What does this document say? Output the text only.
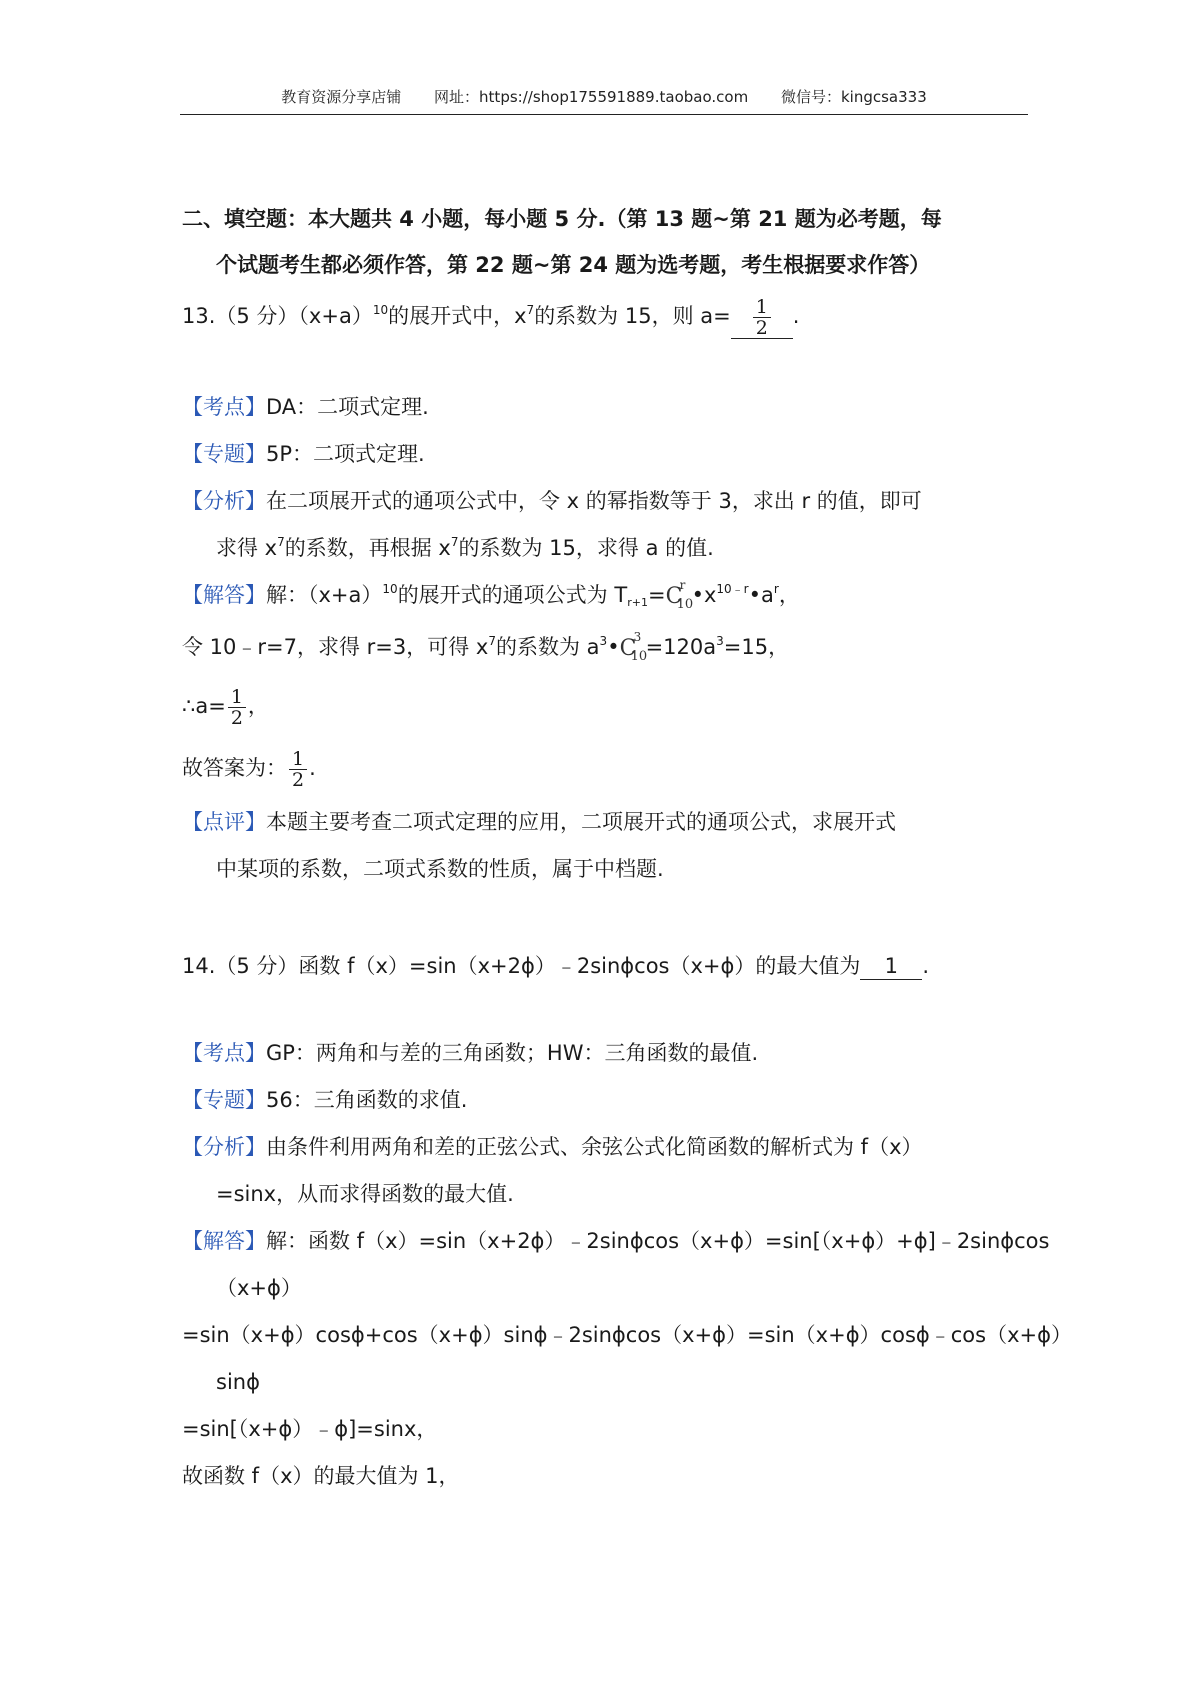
教育资源分享店铺 网址：https://shop175591889.taobao.com 微信号：kingcsa333

二、填空题：本大题共 4 小题，每小题 5 分.（第 13 题~第 21 题为必考题，每

个试题考生都必须作答，第 22 题~第 24 题为选考题，考生根据要求作答）

13.（5 分）$(x+a)^{10}$的展开式中，$x^7$的系数为 15，则 $a= \frac{1}{2}$ .

【考点】DA：二项式定理.

【专题】5P：二项式定理.

【分析】在二项展开式的通项公式中，令 x 的幂指数等于 3，求出 r 的值，即可

求得 $x^7$的系数，再根据 $x^7$的系数为 15，求得 a 的值.

【解答】解：$(x+a)^{10}$的展开式的通项公式为 $T_{r+1}= C$
r
10
$•x^{10﹣r}•a^r$，

令 10﹣r=7，求得 r=3，可得 $x^7$的系数为 $a^3•$ C
3
10
$=120a^3=15$，

∴a= $\frac{1}{2}$ ，

故答案为： $\frac{1}{2}$ .

【点评】本题主要考查二项式定理的应用，二项展开式的通项公式，求展开式

中某项的系数，二项式系数的性质，属于中档题.

14.（5 分）函数 f（x）=sin（x+2ϕ）﹣2sinϕcos（x+ϕ）的最大值为 1 .

【考点】GP：两角和与差的三角函数；HW：三角函数的最值.

【专题】56：三角函数的求值.

【分析】由条件利用两角和差的正弦公式、余弦公式化简函数的解析式为 f（x）

=sinx，从而求得函数的最大值.

【解答】解：函数 f（x）=sin（x+2ϕ）﹣2sinϕcos（x+ϕ）=sin[（x+ϕ）+ϕ]﹣2sinϕcos

（x+ϕ）

=sin（x+ϕ）cosϕ+cos（x+ϕ）sinϕ﹣2sinϕcos（x+ϕ）=sin（x+ϕ）cosϕ﹣cos（x+ϕ）

sinϕ

=sin[（x+ϕ）﹣ϕ]=sinx，

故函数 f（x）的最大值为 1，
